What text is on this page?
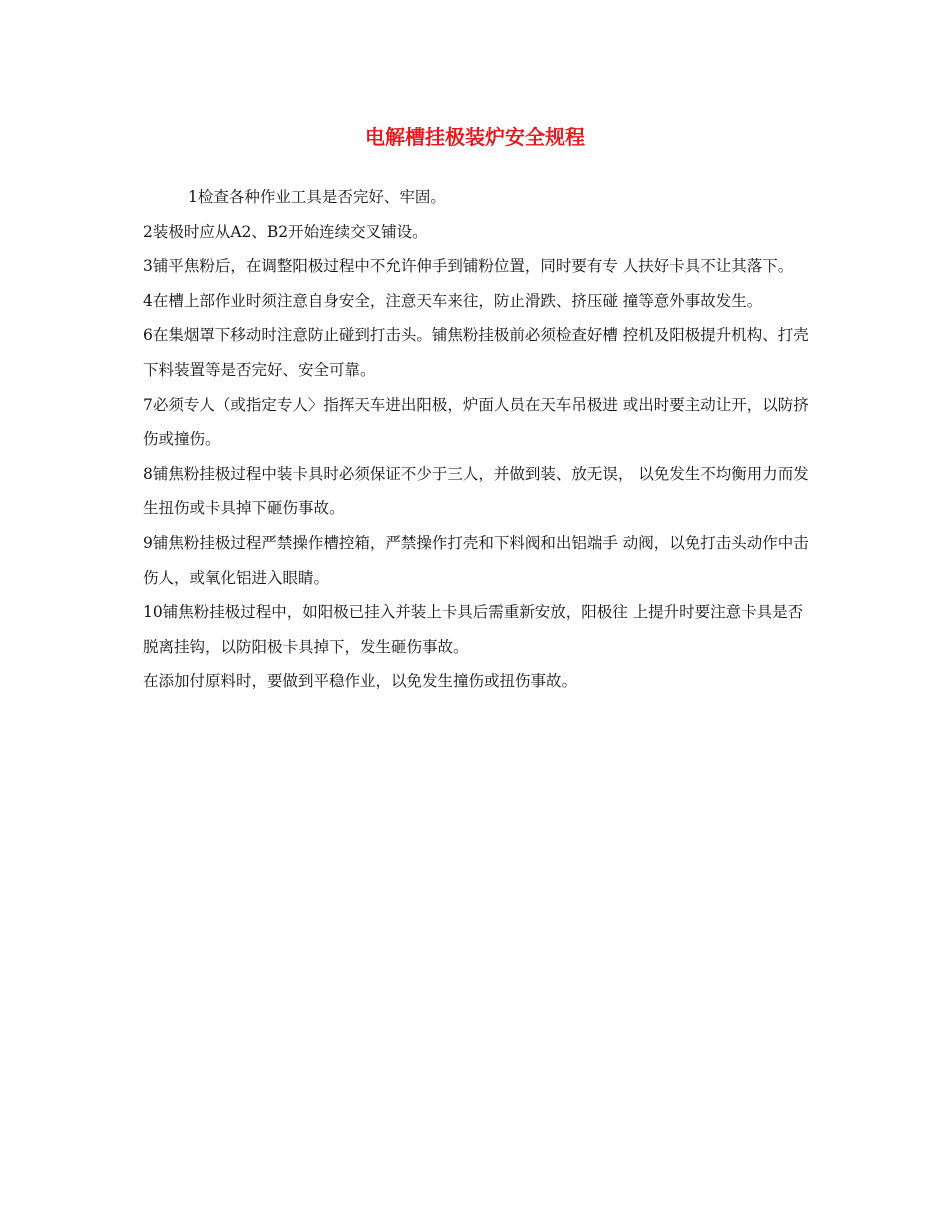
电解槽挂极装炉安全规程

1检查各种作业工具是否完好、牢固。

2装极时应从A2、B2开始连续交叉铺设。

3铺平焦粉后，在调整阳极过程中不允许伸手到铺粉位置，同时要有专 人扶好卡具不让其落下。

4在槽上部作业时须注意自身安全，注意天车来往，防止滑跌、挤压碰 撞等意外事故发生。

6在集烟罩下移动时注意防止碰到打击头。铺焦粉挂极前必须检查好槽 控机及阳极提升机构、打壳下料装置等是否完好、安全可靠。

7必须专人（或指定专人〉指挥天车进出阳极，炉面人员在天车吊极进 或出时要主动让开，以防挤伤或撞伤。

8铺焦粉挂极过程中装卡具时必须保证不少于三人，并做到装、放无误， 以免发生不均衡用力而发生扭伤或卡具掉下砸伤事故。

9铺焦粉挂极过程严禁操作槽控箱，严禁操作打壳和下料阀和出铝端手 动阀，以免打击头动作中击伤人，或氧化铝进入眼睛。

10铺焦粉挂极过程中，如阳极已挂入并装上卡具后需重新安放，阳极往 上提升时要注意卡具是否脱离挂钩，以防阳极卡具掉下，发生砸伤事故。

在添加付原料时，要做到平稳作业，以免发生撞伤或扭伤事故。
